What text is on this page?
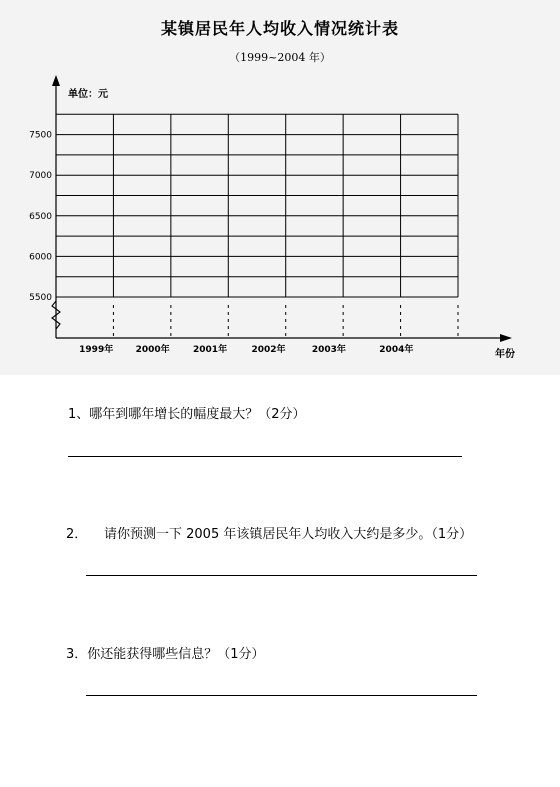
某镇居民年人均收入情况统计表
（1999~2004 年）
7500
7000
6500
6000
5500
1999年 2000年	2001年	2002年	2003年	2004年
单位：元
年份
1、哪年到哪年增长的幅度最大？（2分）
2． 请你预测一下 2005 年该镇居民年人均收入大约是多少。（1分）
3．你还能获得哪些信息？（1分）
